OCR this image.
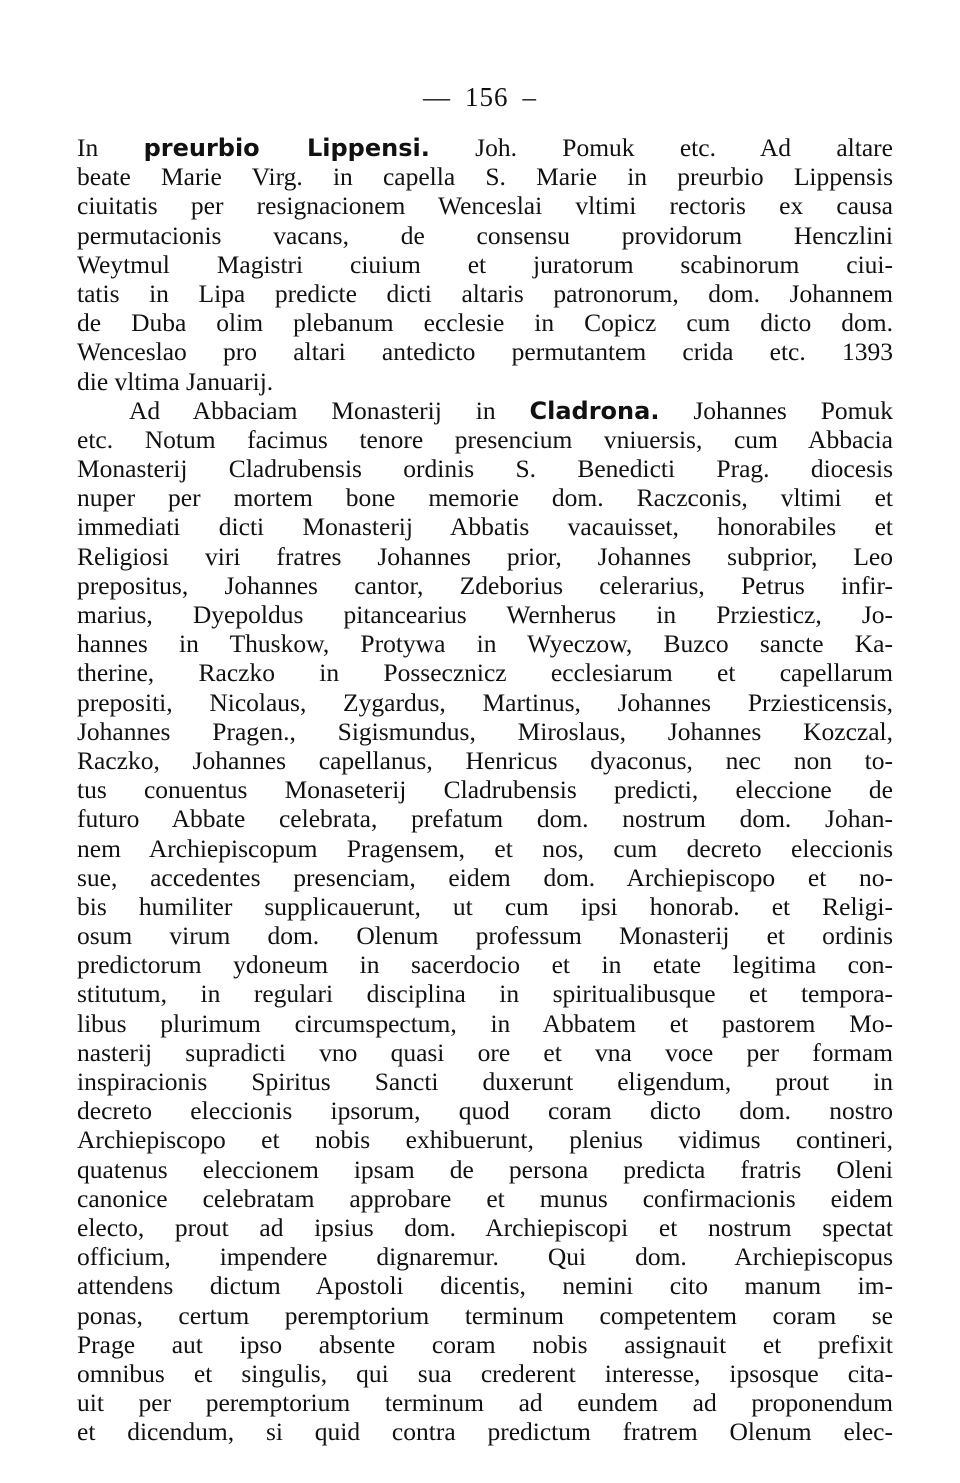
— 156 –
In preurbio Lippensi. Joh. Pomuk etc. Ad altare
beate Marie Virg. in capella S. Marie in preurbio Lippensis
ciuitatis per resignacionem Wenceslai vltimi rectoris ex causa
permutacionis vacans, de consensu providorum Henczlini
Weytmul Magistri ciuium et juratorum scabinorum ciui-
tatis in Lipa predicte dicti altaris patronorum, dom. Johannem
de Duba olim plebanum ecclesie in Copicz cum dicto dom.
Wenceslao pro altari antedicto permutantem crida etc. 1393
die vltima Januarij.
Ad Abbaciam Monasterij in Cladrona. Johannes Pomuk
etc. Notum facimus tenore presencium vniuersis, cum Abbacia
Monasterij Cladrubensis ordinis S. Benedicti Prag. diocesis
nuper per mortem bone memorie dom. Raczconis, vltimi et
immediati dicti Monasterij Abbatis vacauisset, honorabiles et
Religiosi viri fratres Johannes prior, Johannes subprior, Leo
prepositus, Johannes cantor, Zdeborius celerarius, Petrus infir-
marius, Dyepoldus pitancearius Wernherus in Prziesticz, Jo-
hannes in Thuskow, Protywa in Wyeczow, Buzco sancte Ka-
therine, Raczko in Possecznicz ecclesiarum et capellarum
prepositi, Nicolaus, Zygardus, Martinus, Johannes Prziesticensis,
Johannes Pragen., Sigismundus, Miroslaus, Johannes Kozczal,
Raczko, Johannes capellanus, Henricus dyaconus, nec non to-
tus conuentus Monaseterij Cladrubensis predicti, eleccione de
futuro Abbate celebrata, prefatum dom. nostrum dom. Johan-
nem Archiepiscopum Pragensem, et nos, cum decreto eleccionis
sue, accedentes presenciam, eidem dom. Archiepiscopo et no-
bis humiliter supplicauerunt, ut cum ipsi honorab. et Religi-
osum virum dom. Olenum professum Monasterij et ordinis
predictorum ydoneum in sacerdocio et in etate legitima con-
stitutum, in regulari disciplina in spiritualibusque et tempora-
libus plurimum circumspectum, in Abbatem et pastorem Mo-
nasterij supradicti vno quasi ore et vna voce per formam
inspiracionis Spiritus Sancti duxerunt eligendum, prout in
decreto eleccionis ipsorum, quod coram dicto dom. nostro
Archiepiscopo et nobis exhibuerunt, plenius vidimus contineri,
quatenus eleccionem ipsam de persona predicta fratris Oleni
canonice celebratam approbare et munus confirmacionis eidem
electo, prout ad ipsius dom. Archiepiscopi et nostrum spectat
officium, impendere dignaremur. Qui dom. Archiepiscopus
attendens dictum Apostoli dicentis, nemini cito manum im-
ponas, certum peremptorium terminum competentem coram se
Prage aut ipso absente coram nobis assignauit et prefixit
omnibus et singulis, qui sua crederent interesse, ipsosque cita-
uit per peremptorium terminum ad eundem ad proponendum
et dicendum, si quid contra predictum fratrem Olenum elec-
